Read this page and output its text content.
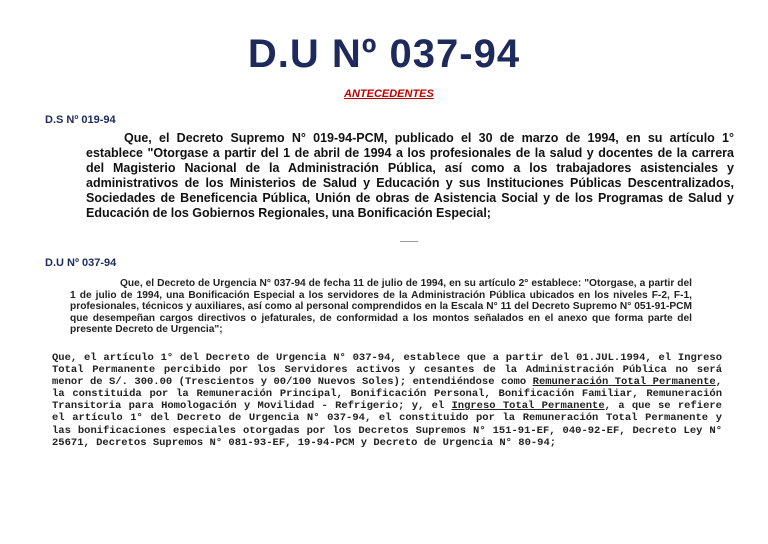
D.U Nº 037-94
ANTECEDENTES
D.S Nº 019-94
Que, el Decreto Supremo N° 019-94-PCM, publicado el 30 de marzo de 1994, en su artículo 1° establece "Otorgase a partir del 1 de abril de 1994 a los profesionales de la salud y docentes de la carrera del Magisterio Nacional de la Administración Pública, así como a los trabajadores asistenciales y administrativos de los Ministerios de Salud y Educación y sus Instituciones Públicas Descentralizados, Sociedades de Beneficencia Pública, Unión de obras de Asistencia Social y de los Programas de Salud y Educación de los Gobiernos Regionales, una Bonificación Especial;
D.U Nº 037-94
Que, el Decreto de Urgencia N° 037-94 de fecha 11 de julio de 1994, en su artículo 2° establece: "Otorgase, a partir del 1 de julio de 1994, una Bonificación Especial a los servidores de la Administración Pública ubicados en los niveles F-2, F-1, profesionales, técnicos y auxiliares, así como al personal comprendidos en la Escala N° 11 del Decreto Supremo N° 051-91-PCM que desempeñan cargos directivos o jefaturales, de conformidad a los montos señalados en el anexo que forma parte del presente Decreto de Urgencia";
Que, el artículo 1° del Decreto de Urgencia N° 037-94, establece que a partir del 01.JUL.1994, el Ingreso Total Permanente percibido por los Servidores activos y cesantes de la Administración Pública no será menor de S/. 300.00 (Trescientos y 00/100 Nuevos Soles); entendiéndose como Remuneración Total Permanente, la constituida por la Remuneración Principal, Bonificación Personal, Bonificación Familiar, Remuneración Transitoria para Homologación y Movilidad - Refrigerio; y, el Ingreso Total Permanente, a que se refiere el artículo 1° del Decreto de Urgencia N° 037-94, el constituido por la Remuneración Total Permanente y las bonificaciones especiales otorgadas por los Decretos Supremos N° 151-91-EF, 040-92-EF, Decreto Ley N° 25671, Decretos Supremos N° 081-93-EF, 19-94-PCM y Decreto de Urgencia N° 80-94;
